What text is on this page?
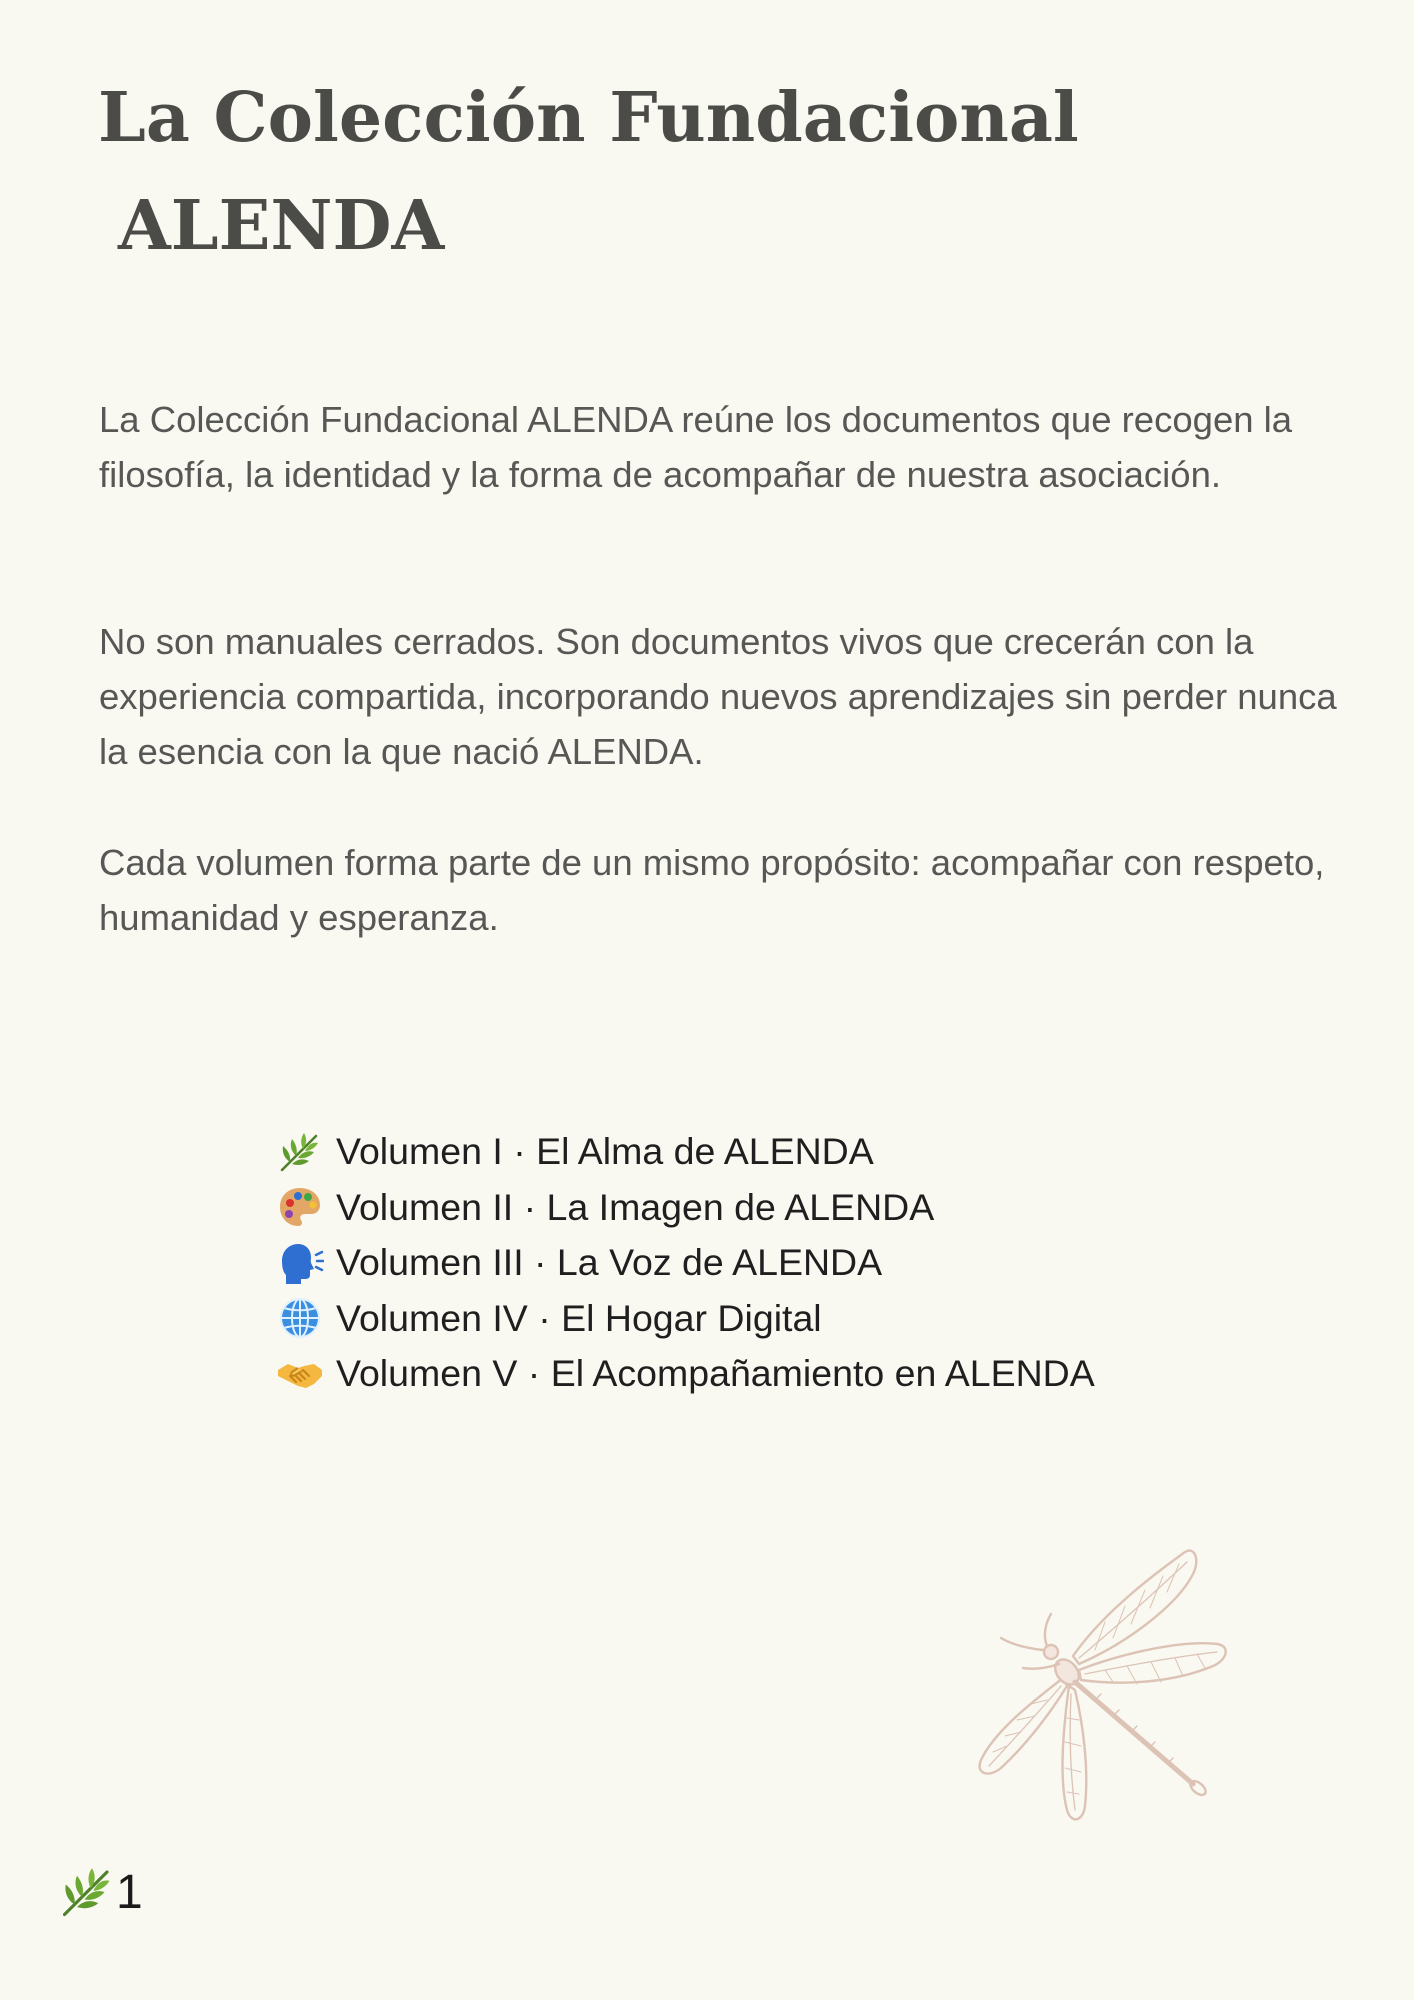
La Colección Fundacional
ALENDA

La Colección Fundacional ALENDA reúne los documentos que recogen la filosofía, la identidad y la forma de acompañar de nuestra asociación.

No son manuales cerrados. Son documentos vivos que crecerán con la experiencia compartida, incorporando nuevos aprendizajes sin perder nunca la esencia con la que nació ALENDA.

Cada volumen forma parte de un mismo propósito: acompañar con respeto, humanidad y esperanza.

Volumen I · El Alma de ALENDA
Volumen II · La Imagen de ALENDA
Volumen III · La Voz de ALENDA
Volumen IV · El Hogar Digital
Volumen V · El Acompañamiento en ALENDA
1
